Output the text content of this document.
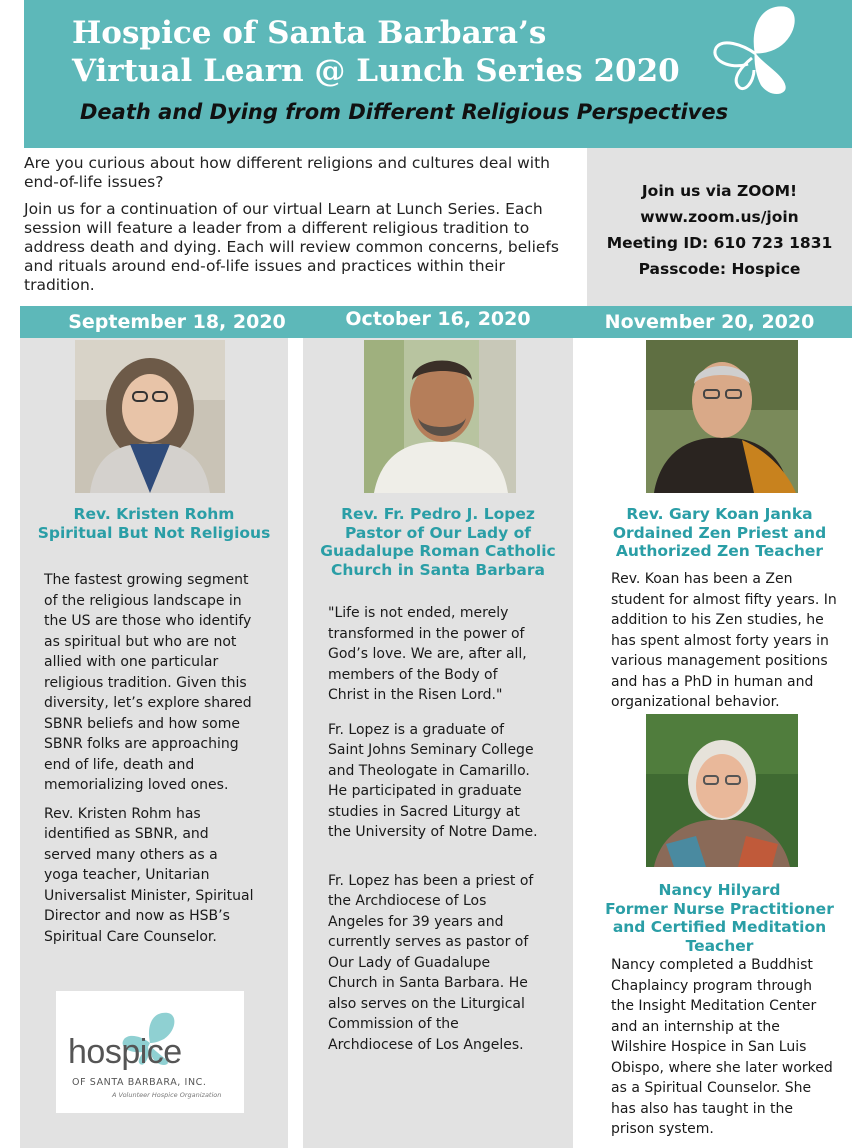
Hospice of Santa Barbara’s
Virtual Learn @ Lunch Series 2020
Death and Dying from Different Religious Perspectives

Are you curious about how different religions and cultures deal with end-of-life issues?

Join us for a continuation of our virtual Learn at Lunch Series. Each session will feature a leader from a different religious tradition to address death and dying. Each will review common concerns, beliefs and rituals around end-of-life issues and practices within their tradition.

Join us via ZOOM!
www.zoom.us/join
Meeting ID: 610 723 1831
Passcode: Hospice
September 18, 2020	October 16, 2020	November 20, 2020
Rev. Kristen Rohm
Spiritual But Not Religious

The fastest growing segment of the religious landscape in the US are those who identify as spiritual but who are not allied with one particular religious tradition. Given this diversity, let’s explore shared SBNR beliefs and how some SBNR folks are approaching end of life, death and memorializing loved ones.

Rev. Kristen Rohm has identified as SBNR, and served many others as a yoga teacher, Unitarian Universalist Minister, Spiritual Director and now as HSB’s Spiritual Care Counselor.

hospice
OF SANTA BARBARA, INC.
A Volunteer Hospice Organization
Rev. Fr. Pedro J. Lopez
Pastor of Our Lady of
Guadalupe Roman Catholic
Church in Santa Barbara

"Life is not ended, merely transformed in the power of God’s love. We are, after all, members of the Body of Christ in the Risen Lord."

Fr. Lopez is a graduate of Saint Johns Seminary College and Theologate in Camarillo. He participated in graduate studies in Sacred Liturgy at the University of Notre Dame.

Fr. Lopez has been a priest of the Archdiocese of Los Angeles for 39 years and currently serves as pastor of Our Lady of Guadalupe Church in Santa Barbara. He also serves on the Liturgical Commission of the Archdiocese of Los Angeles.

Rev. Gary Koan Janka
Ordained Zen Priest and
Authorized Zen Teacher

Rev. Koan has been a Zen student for almost fifty years. In addition to his Zen studies, he has spent almost forty years in various management positions and has a PhD in human and organizational behavior.

Nancy Hilyard
Former Nurse Practitioner
and Certified Meditation
Teacher

Nancy completed a Buddhist Chaplaincy program through the Insight Meditation Center and an internship at the Wilshire Hospice in San Luis Obispo, where she later worked as a Spiritual Counselor. She has also has taught in the prison system.
